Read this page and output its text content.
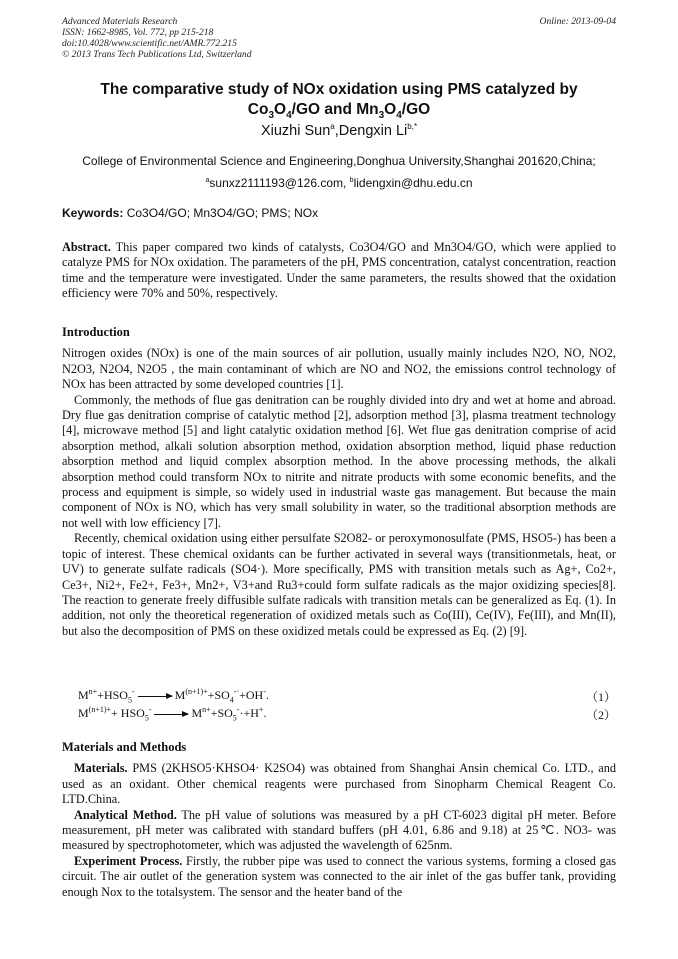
Advanced Materials Research
ISSN: 1662-8985, Vol. 772, pp 215-218
doi:10.4028/www.scientific.net/AMR.772.215
© 2013 Trans Tech Publications Ltd, Switzerland
Online: 2013-09-04
The comparative study of NOx oxidation using PMS catalyzed by
$Co_3O_4/GO$ and $Mn_3O_4/GO$
Xiuzhi Sun$^a$,Dengxin $Li^{b,*}$
College of Environmental Science and Engineering,Donghua University,Shanghai 201620,China;
$^a$sunxz2111193@126.com, $^b$lidengxin@dhu.edu.cn
Keywords: Co3O4/GO; Mn3O4/GO; PMS; NOx

Abstract. This paper compared two kinds of catalysts, Co3O4/GO and Mn3O4/GO, which were applied to catalyze PMS for NOx oxidation. The parameters of the pH, PMS concentration, catalyst concentration, reaction time and the temperature were investigated. Under the same parameters, the results showed that the oxidation efficiency were 70% and 50%, respectively.

Introduction

Nitrogen oxides (NOx) is one of the main sources of air pollution, usually mainly includes N2O, NO, NO2, N2O3, N2O4, N2O5 , the main contaminant of which are NO and NO2, the emissions control technology of NOx has been attracted by some developed countries [1].

Commonly, the methods of flue gas denitration can be roughly divided into dry and wet at home and abroad. Dry flue gas denitration comprise of catalytic method [2], adsorption method [3], plasma treatment technology [4], microwave method [5] and light catalytic oxidation method [6]. Wet flue gas denitration comprise of acid absorption method, alkali solution absorption method, oxidation absorption method, liquid phase reduction absorption method and liquid complex absorption method. In the above processing methods, the alkali absorption method could transform NOx to nitrite and nitrate products with some economic benefits, and the process and equipment is simple, so widely used in industrial waste gas management. But because the main component of NOx is NO, which has very small solubility in water, so the traditional absorption methods are not well with low efficiency [7].

Recently, chemical oxidation using either persulfate S2O82- or peroxymonosulfate (PMS, HSO5-) has been a topic of interest. These chemical oxidants can be further activated in several ways (transitionmetals, heat, or UV) to generate sulfate radicals (SO4·). More specifically, PMS with transition metals such as Ag+, Co2+, Ce3+, Ni2+, Fe2+, Fe3+, Mn2+, V3+and Ru3+could form sulfate radicals as the major oxidizing species[8]. The reaction to generate freely diffusible sulfate radicals with transition metals can be generalized as Eq. (1). In addition, not only the theoretical regeneration of oxidized metals such as Co(III), Ce(IV), Fe(III), and Mn(II), but also the decomposition of PMS on these oxidized metals could be expressed as Eq. (2) [9].

$M^{n+}+HSO_5^- \to M^{(n+1)+}+SO_4^{-\cdot}+OH^-$.	（1）
$M^{(n+1)+}+ HSO_5^- \to M^{n+}+SO_5^-\cdot+H^+$.	（2）

Materials and Methods

Materials. PMS (2KHSO5·KHSO4· K2SO4) was obtained from Shanghai Ansin chemical Co. LTD., and used as an oxidant. Other chemical reagents were purchased from Sinopharm Chemical Reagent Co. LTD.China.

Analytical Method. The pH value of solutions was measured by a pH CT-6023 digital pH meter. Before measurement, pH meter was calibrated with standard buffers (pH 4.01, 6.86 and 9.18) at 25℃. NO3- was measured by spectrophotometer, which was adjusted the wavelength of 625nm.

Experiment Process. Firstly, the rubber pipe was used to connect the various systems, forming a closed gas circuit. The air outlet of the generation system was connected to the air inlet of the gas buffer tank, providing enough Nox to the totalsystem. The sensor and the heater band of the
